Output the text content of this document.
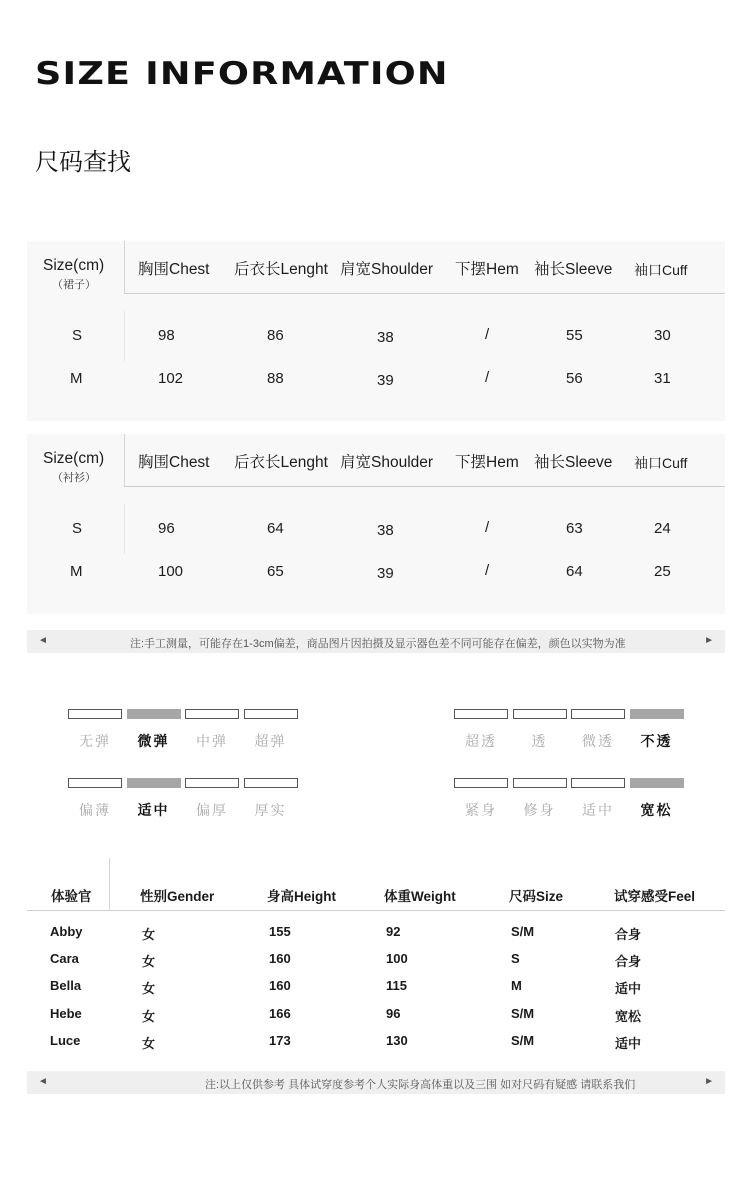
SIZE INFORMATION
尺码查找
Size(cm)
（裙子）
胸围Chest 后衣长Lenght 肩宽Shoulder 下摆Hem 袖长Sleeve 袖口Cuff
S	98	86	38	/	55	30
M	102	88	39	/	56	31
Size(cm)
（衬衫）
胸围Chest 后衣长Lenght 肩宽Shoulder 下摆Hem 袖长Sleeve 袖口Cuff
S	96	64	38	/	63	24
M	100	65	39	/	64	25
◄	注:手工测量，可能存在1-3cm偏差，商品图片因拍摄及显示器色差不同可能存在偏差，颜色以实物为准	►
无弹	微弹	中弹	超弹	超透	透	微透	不透
偏薄	适中	偏厚	厚实	紧身	修身	适中	宽松
体验官	性别Gender	身高Height	体重Weight	尺码Size	试穿感受Feel
Abby	女	155	92	S/M	合身
Cara	女	160	100	S	合身
Bella	女	160	115	M	适中
Hebe	女	166	96	S/M	宽松
Luce	女	173	130	S/M	适中
◄	注:以上仅供参考 具体试穿度参考个人实际身高体重以及三围 如对尺码有疑感 请联系我们	►
